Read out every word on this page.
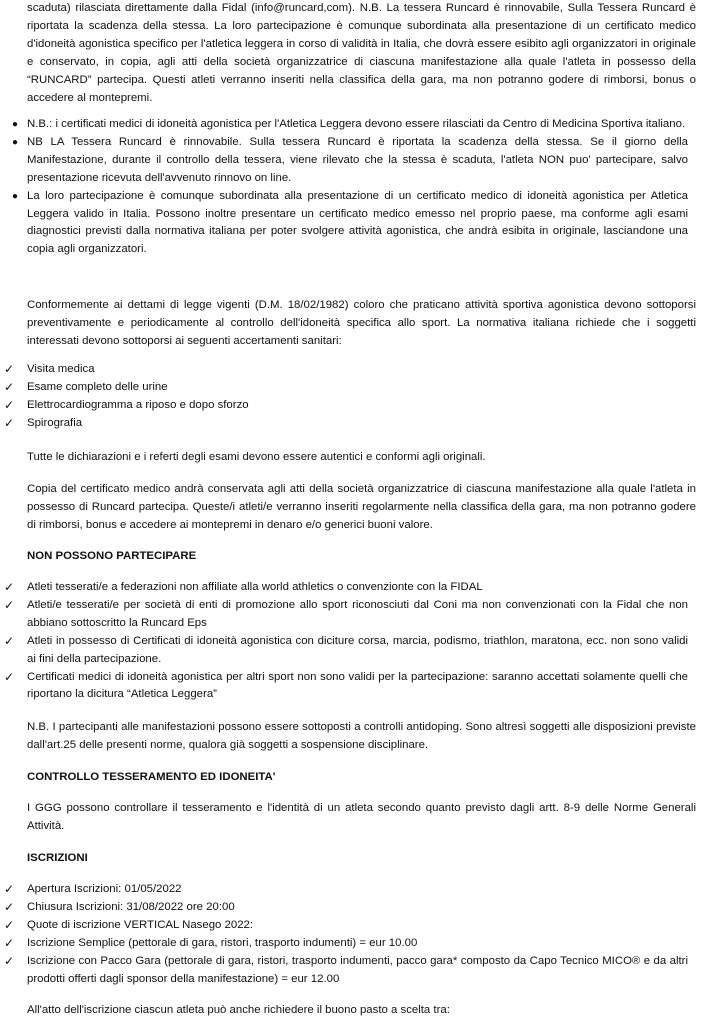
scaduta) rilasciata direttamente dalla Fidal (info@runcard,com). N.B. La tessera Runcard è rinnovabile, Sulla Tessera Runcard è riportata la scadenza della stessa. La loro partecipazione è comunque subordinata alla presentazione di un certificato medico d'idoneità agonistica specifico per l'atletica leggera in corso di validità in Italia, che dovrà essere esibito agli organizzatori in originale e conservato, in copia, agli atti della società organizzatrice di ciascuna manifestazione alla quale l'atleta in possesso della “RUNCARD” partecipa. Questi atleti verranno inseriti nella classifica della gara, ma non potranno godere di rimborsi, bonus o accedere al montepremi.

● N.B.: i certificati medici di idoneità agonistica per l'Atletica Leggera devono essere rilasciati da Centro di Medicina Sportiva italiano.
● NB LA Tessera Runcard è rinnovabile. Sulla tessera Runcard è riportata la scadenza della stessa. Se il giorno della Manifestazione, durante il controllo della tessera, viene rilevato che la stessa è scaduta, l'atleta NON puo' partecipare, salvo presentazione ricevuta dell'avvenuto rinnovo on line.
● La loro partecipazione è comunque subordinata alla presentazione di un certificato medico di idoneità agonistica per Atletica Leggera valido in Italia. Possono inoltre presentare un certificato medico emesso nel proprio paese, ma conforme agli esami diagnostici previsti dalla normativa italiana per poter svolgere attività agonistica, che andrà esibita in originale, lasciandone una copia agli organizzatori.

Conformemente ai dettami di legge vigenti (D.M. 18/02/1982) coloro che praticano attività sportiva agonistica devono sottoporsi preventivamente e periodicamente al controllo dell'idoneità specifica allo sport. La normativa italiana richiede che i soggetti interessati devono sottoporsi ai seguenti accertamenti sanitari:

✓ Visita medica
✓ Esame completo delle urine
✓ Elettrocardiogramma a riposo e dopo sforzo
✓ Spirografia

Tutte le dichiarazioni e i referti degli esami devono essere autentici e conformi agli originali.

Copia del certificato medico andrà conservata agli atti della società organizzatrice di ciascuna manifestazione alla quale l'atleta in possesso di Runcard partecipa. Queste/i atleti/e verranno inseriti regolarmente nella classifica della gara, ma non potranno godere di rimborsi, bonus e accedere ai montepremi in denaro e/o generici buoni valore.

NON POSSONO PARTECIPARE

✓ Atleti tesserati/e a federazioni non affiliate alla world athletics o convenzionte con la FIDAL
✓ Atleti/e tesserati/e per società di enti di promozione allo sport riconosciuti dal Coni ma non convenzionati con la Fidal che non abbiano sottoscritto la Runcard Eps
✓ Atleti in possesso di Certificati di idoneità agonistica con diciture corsa, marcia, podismo, triathlon, maratona, ecc. non sono validi ai fini della partecipazione.
✓ Certificati medici di idoneità agonistica per altri sport non sono validi per la partecipazione: saranno accettati solamente quelli che riportano la dicitura “Atletica Leggera”

N.B. I partecipanti alle manifestazioni possono essere sottoposti a controlli antidoping. Sono altresì soggetti alle disposizioni previste dall'art.25 delle presenti norme, qualora già soggetti a sospensione disciplinare.

CONTROLLO TESSERAMENTO ED IDONEITA'

I GGG possono controllare il tesseramento e l'identità di un atleta secondo quanto previsto dagli artt. 8-9 delle Norme Generali Attività.

ISCRIZIONI

✓ Apertura Iscrizioni: 01/05/2022
✓ Chiusura Iscrizioni: 31/08/2022 ore 20:00
✓ Quote di iscrizione VERTICAL Nasego 2022:
✓ Iscrizione Semplice (pettorale di gara, ristori, trasporto indumenti) = eur 10.00
✓ Iscrizione con Pacco Gara (pettorale di gara, ristori, trasporto indumenti, pacco gara* composto da Capo Tecnico MICO® e da altri prodotti offerti dagli sponsor della manifestazione) = eur 12.00

All'atto dell'iscrizione ciascun atleta può anche richiedere il buono pasto a scelta tra:
